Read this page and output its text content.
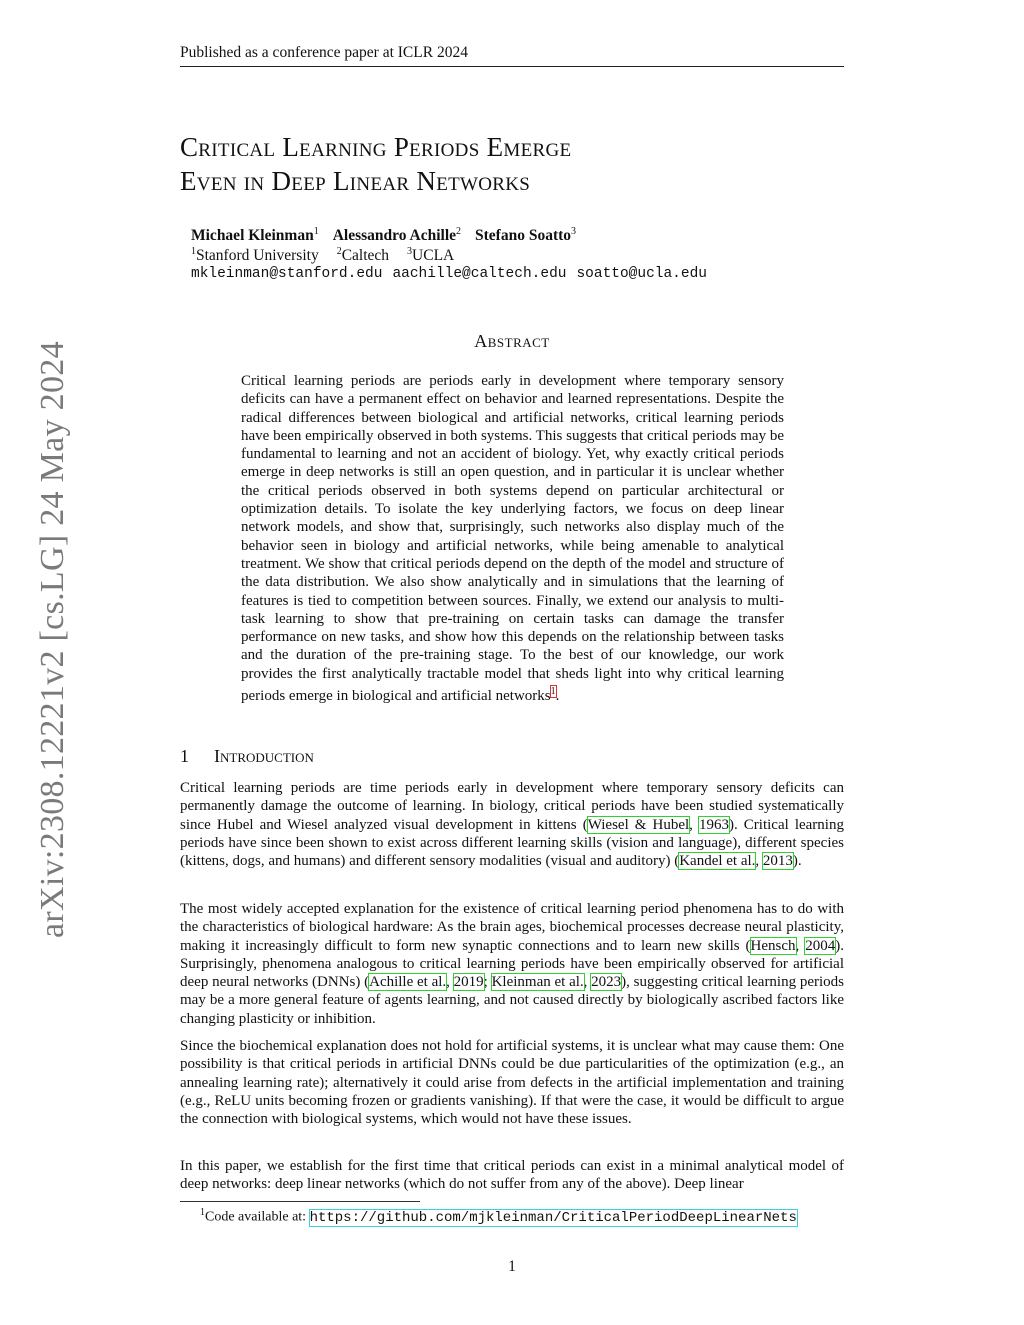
Published as a conference paper at ICLR 2024
Critical Learning Periods Emerge
Even in Deep Linear Networks
Michael Kleinman$^1$ Alessandro Achille$^2$ Stefano Soatto$^3$
$^1$Stanford University $^2$Caltech $^3$UCLA
mkleinman@stanford.edu aachille@caltech.edu soatto@ucla.edu
arXiv:2308.12221v2 [cs.LG] 24 May 2024
Abstract
Critical learning periods are periods early in development where temporary sensory deficits can have a permanent effect on behavior and learned representations. Despite the radical differences between biological and artificial networks, critical learning periods have been empirically observed in both systems. This suggests that critical periods may be fundamental to learning and not an accident of biology. Yet, why exactly critical periods emerge in deep networks is still an open question, and in particular it is unclear whether the critical periods observed in both systems depend on particular architectural or optimization details. To isolate the key underlying factors, we focus on deep linear network models, and show that, surprisingly, such networks also display much of the behavior seen in biology and artificial networks, while being amenable to analytical treatment. We show that critical periods depend on the depth of the model and structure of the data distribution. We also show analytically and in simulations that the learning of features is tied to competition between sources. Finally, we extend our analysis to multi-task learning to show that pre-training on certain tasks can damage the transfer performance on new tasks, and show how this depends on the relationship between tasks and the duration of the pre-training stage. To the best of our knowledge, our work provides the first analytically tractable model that sheds light into why critical learning periods emerge in biological and artificial networks$^1$.
1 Introduction

Critical learning periods are time periods early in development where temporary sensory deficits can permanently damage the outcome of learning. In biology, critical periods have been studied systematically since Hubel and Wiesel analyzed visual development in kittens (Wiesel & Hubel, 1963). Critical learning periods have since been shown to exist across different learning skills (vision and language), different species (kittens, dogs, and humans) and different sensory modalities (visual and auditory) (Kandel et al., 2013).

The most widely accepted explanation for the existence of critical learning period phenomena has to do with the characteristics of biological hardware: As the brain ages, biochemical processes decrease neural plasticity, making it increasingly difficult to form new synaptic connections and to learn new skills (Hensch, 2004). Surprisingly, phenomena analogous to critical learning periods have been empirically observed for artificial deep neural networks (DNNs) (Achille et al., 2019; Kleinman et al., 2023), suggesting critical learning periods may be a more general feature of agents learning, and not caused directly by biologically ascribed factors like changing plasticity or inhibition.

Since the biochemical explanation does not hold for artificial systems, it is unclear what may cause them: One possibility is that critical periods in artificial DNNs could be due particularities of the optimization (e.g., an annealing learning rate); alternatively it could arise from defects in the artificial implementation and training (e.g., ReLU units becoming frozen or gradients vanishing). If that were the case, it would be difficult to argue the connection with biological systems, which would not have these issues.

In this paper, we establish for the first time that critical periods can exist in a minimal analytical model of deep networks: deep linear networks (which do not suffer from any of the above). Deep linear

$^1$Code available at: https://github.com/mjkleinman/CriticalPeriodDeepLinearNets
1
